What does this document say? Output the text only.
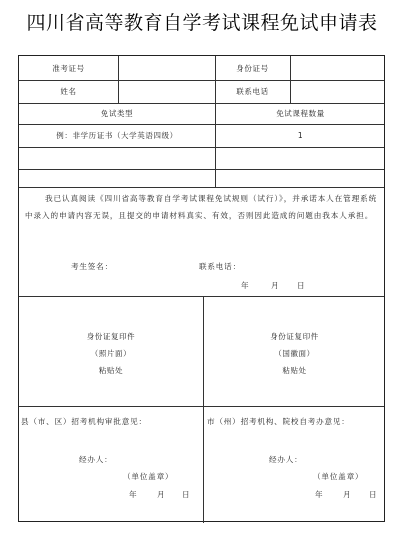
四川省高等教育自学考试课程免试申请表
准考证号	身份证号
姓名	联系电话
免试类型	免试课程数量
例：非学历证书（大学英语四级）	1
我已认真阅读《四川省高等教育自学考试课程免试规则（试行）》，并承诺本人在管理系统中录入的申请内容无误，且提交的申请材料真实、有效，否则因此造成的问题由我本人承担。
考生签名：	联系电话：
年	月 日
身份证复印件
（照片面）
粘贴处
身份证复印件
（国徽面）
粘贴处
县（市、区）招考机构审批意见：
经办人：
（单位盖章）
年	月 日
市（州）招考机构、院校自考办意见：
经办人：
（单位盖章）
年	月 日
